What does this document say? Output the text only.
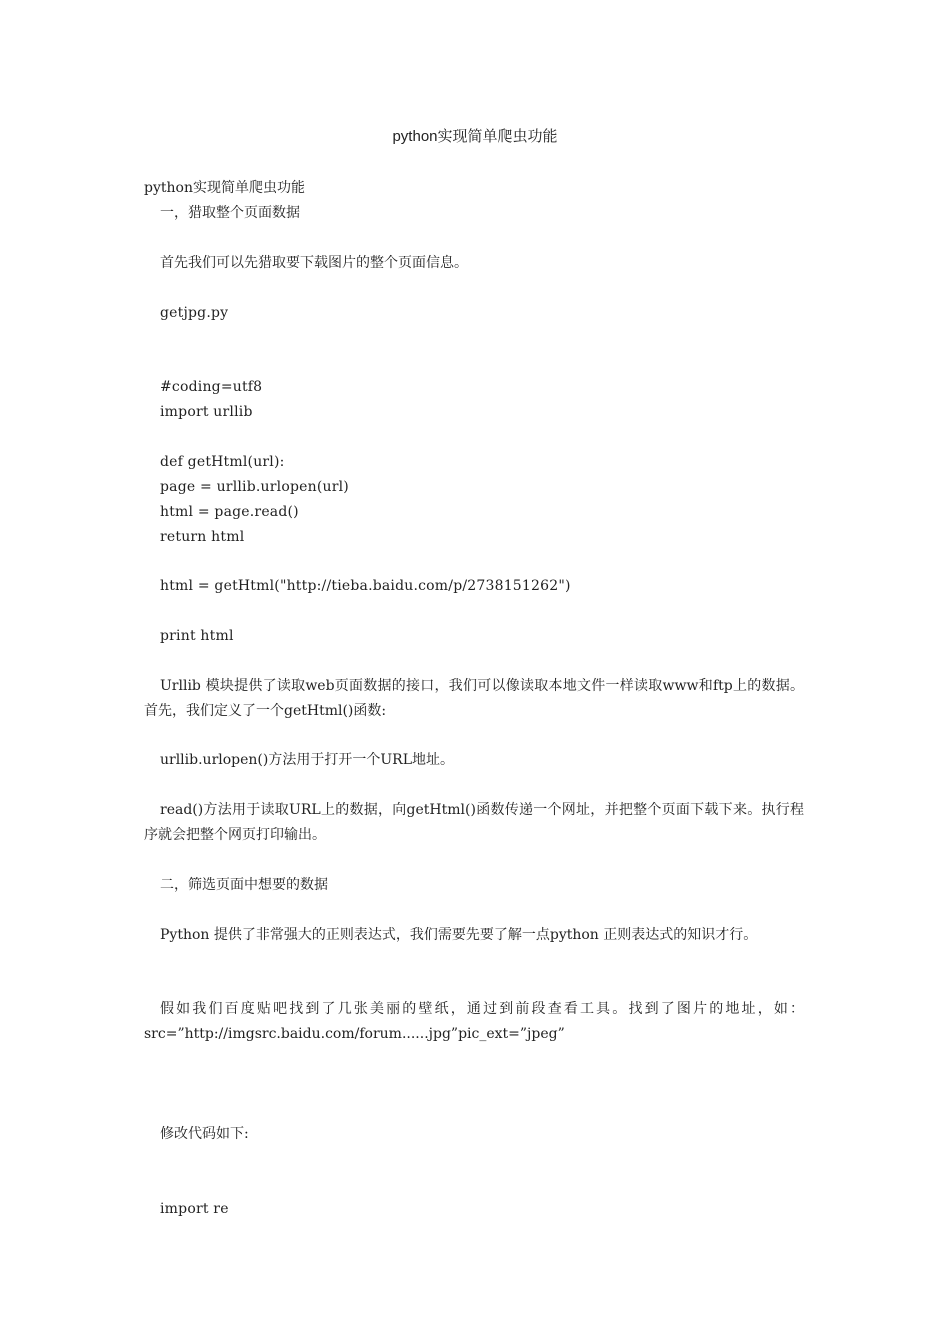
python实现简单爬虫功能
python实现简单爬虫功能
一，猎取整个页面数据
首先我们可以先猎取要下载图片的整个页面信息。
getjpg.py
#coding=utf8
import urllib
def getHtml(url):
page = urllib.urlopen(url)
html = page.read()
return html
html = getHtml("http://tieba.baidu.com/p/2738151262")
print html
Urllib 模块提供了读取web页面数据的接口，我们可以像读取本地文件一样读取www和ftp上的数据。首先，我们定义了一个getHtml()函数:
urllib.urlopen()方法用于打开一个URL地址。
read()方法用于读取URL上的数据，向getHtml()函数传递一个网址，并把整个页面下载下来。执行程序就会把整个网页打印输出。
二，筛选页面中想要的数据
Python 提供了非常强大的正则表达式，我们需要先要了解一点python 正则表达式的知识才行。
假如我们百度贴吧找到了几张美丽的壁纸，通过到前段查看工具。找到了图片的地址，如：src=”http://imgsrc.baidu.com/forum......jpg”pic_ext=”jpeg”
修改代码如下:
import re
